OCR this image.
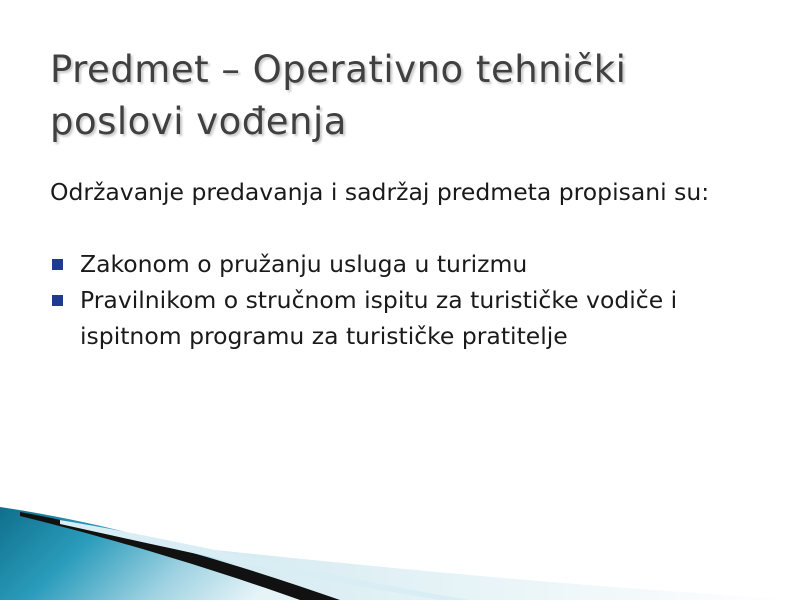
Predmet – Operativno tehnički poslovi vođenja

Održavanje predavanja i sadržaj predmeta propisani su:

Zakonom o pružanju usluga u turizmu
Pravilnikom o stručnom ispitu za turističke vodiče i ispitnom programu za turističke pratitelje
